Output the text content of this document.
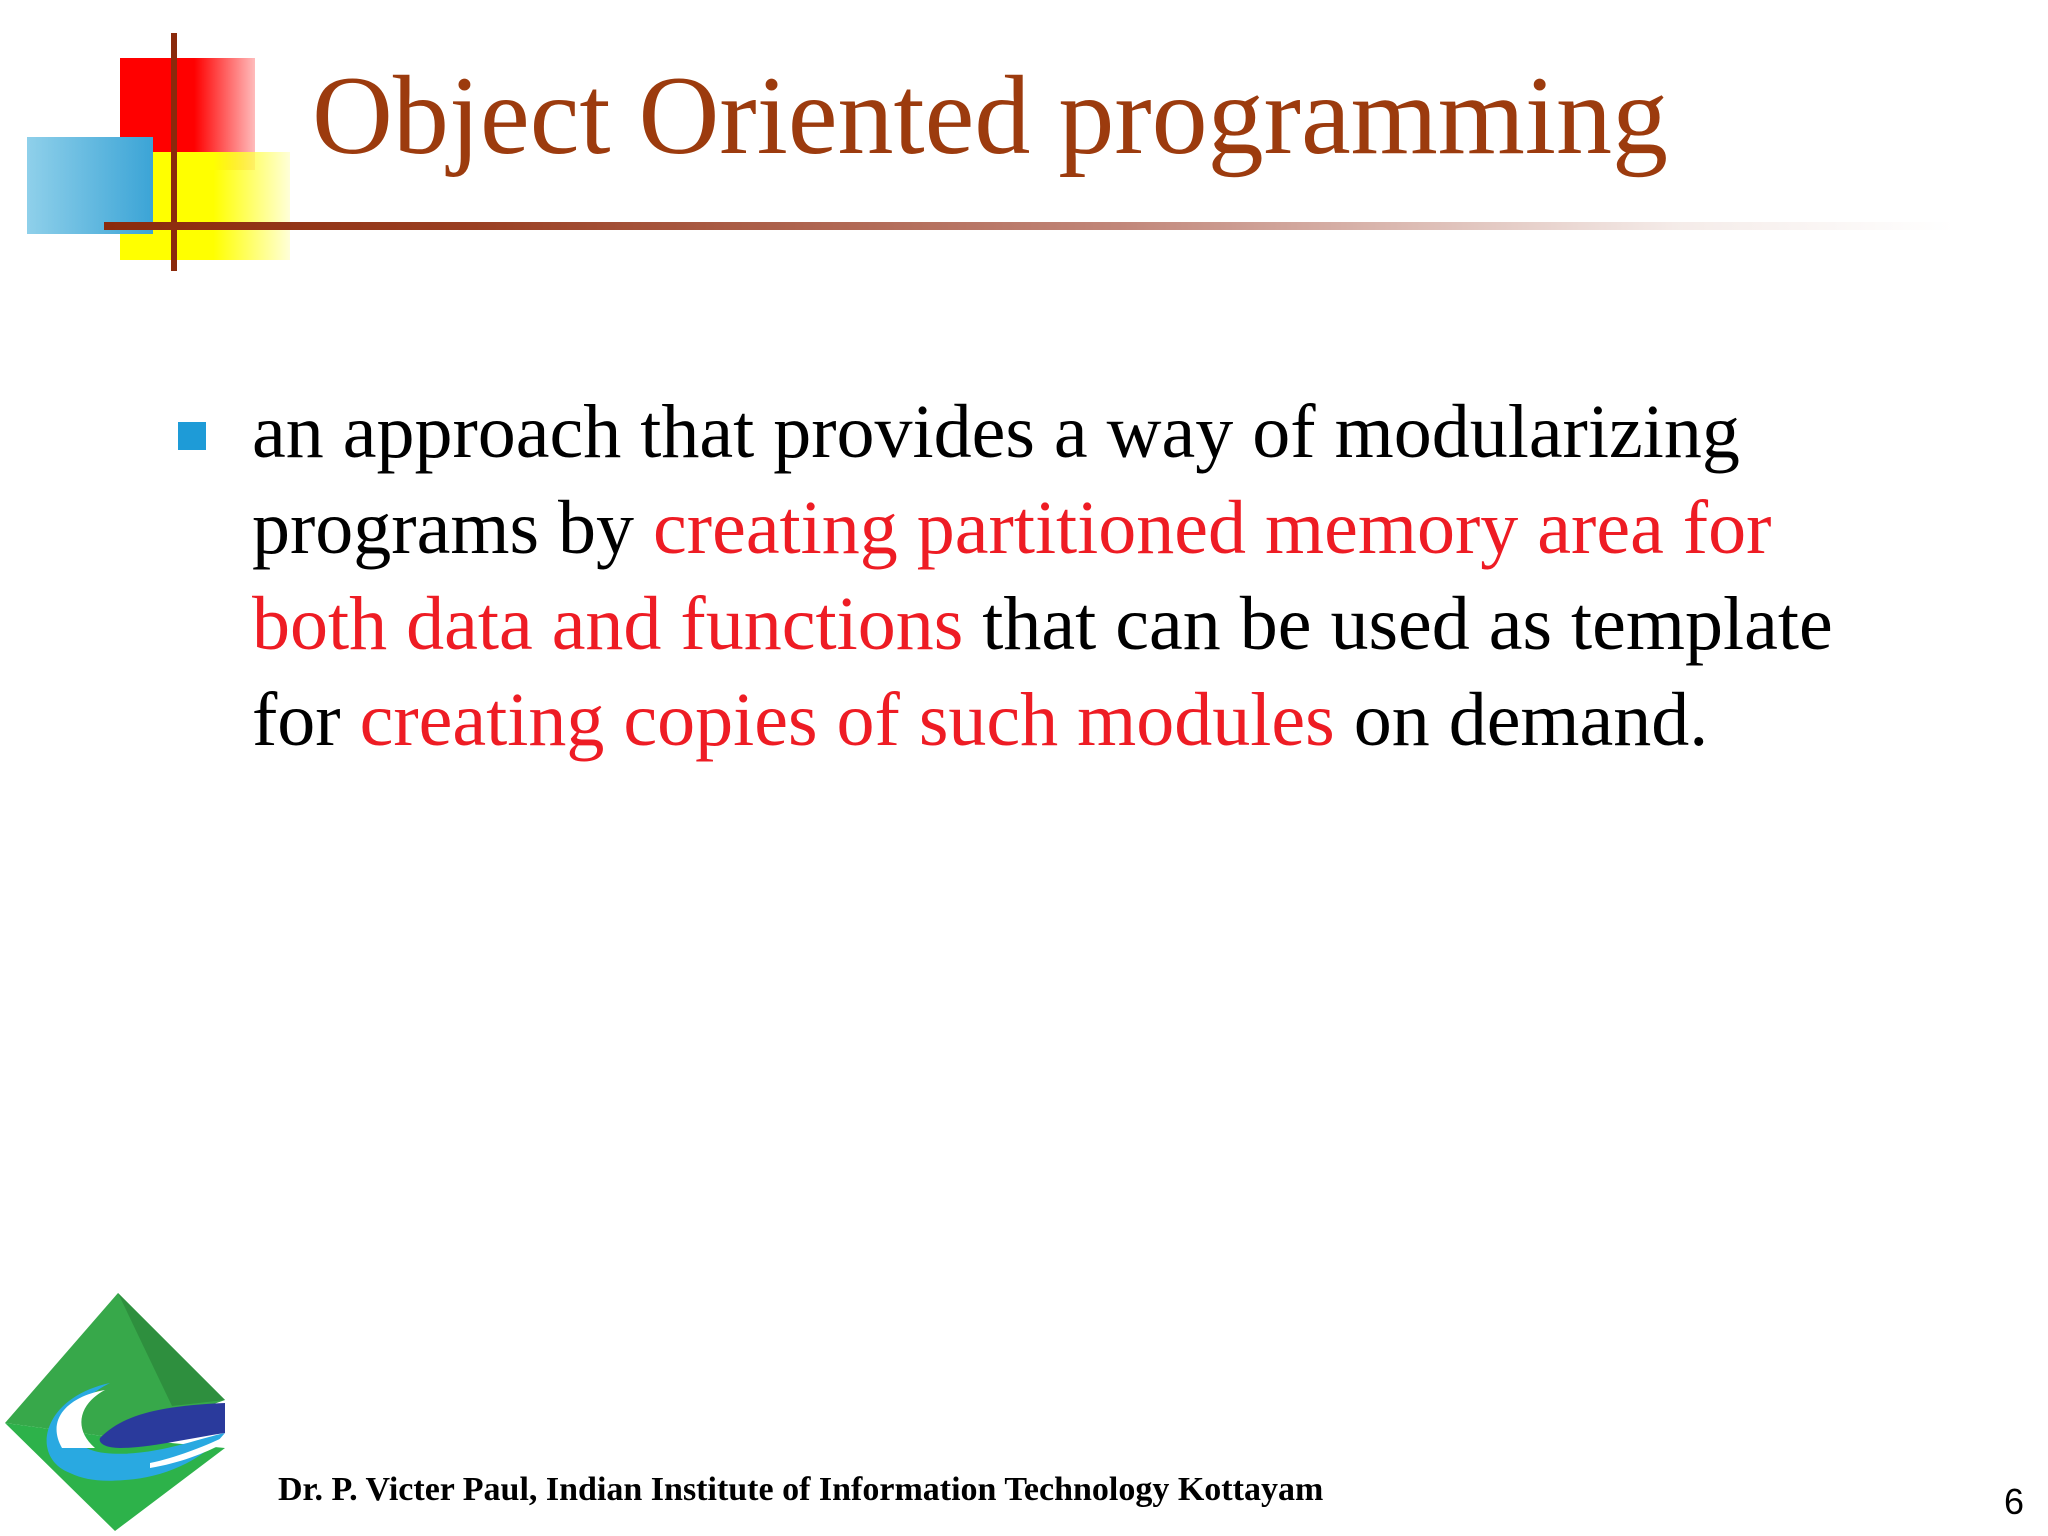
Object Oriented programming

an approach that provides a way of modularizing
programs by creating partitioned memory area for
both data and functions that can be used as template
for creating copies of such modules on demand.

Dr. P. Victer Paul, Indian Institute of Information Technology Kottayam	6
